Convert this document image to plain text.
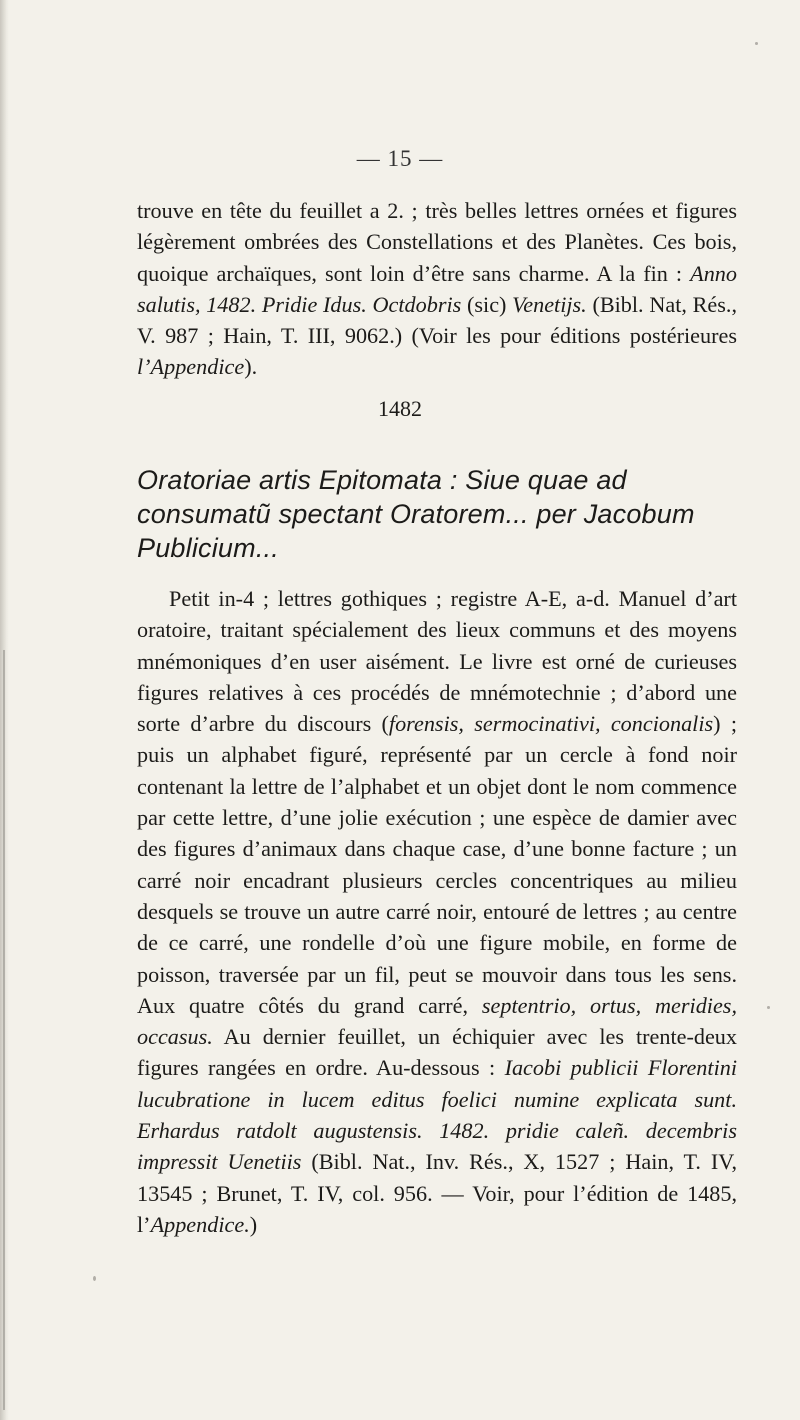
— 15 —

trouve en tête du feuillet a 2. ; très belles lettres ornées et figures légèrement ombrées des Constellations et des Planètes. Ces bois, quoique archaïques, sont loin d’être sans charme. A la fin : Anno salutis, 1482. Pridie Idus. Octdobris (sic) Venetijs. (Bibl. Nat, Rés., V. 987 ; Hain, T. III, 9062.) (Voir les pour éditions postérieures l’Appendice).

1482
Oratoriae artis Epitomata : Siue quae ad consumatũ spectant Oratorem... per Jacobum Publicium...

Petit in-4 ; lettres gothiques ; registre A-E, a-d. Manuel d’art oratoire, traitant spécialement des lieux communs et des moyens mnémoniques d’en user aisément. Le livre est orné de curieuses figures relatives à ces procédés de mnémotechnie ; d’abord une sorte d’arbre du discours (forensis, sermocinativi, concionalis) ; puis un alphabet figuré, représenté par un cercle à fond noir contenant la lettre de l’alphabet et un objet dont le nom commence par cette lettre, d’une jolie exécution ; une espèce de damier avec des figures d’animaux dans chaque case, d’une bonne facture ; un carré noir encadrant plusieurs cercles concentriques au milieu desquels se trouve un autre carré noir, entouré de lettres ; au centre de ce carré, une rondelle d’où une figure mobile, en forme de poisson, traversée par un fil, peut se mouvoir dans tous les sens. Aux quatre côtés du grand carré, septentrio, ortus, meridies, occasus. Au dernier feuillet, un échiquier avec les trente-deux figures rangées en ordre. Au-dessous : Iacobi publicii Florentini lucubratione in lucem editus foelici numine explicata sunt. Erhardus ratdolt augustensis. 1482. pridie caleñ. decembris impressit Uenetiis (Bibl. Nat., Inv. Rés., X, 1527 ; Hain, T. IV, 13545 ; Brunet, T. IV, col. 956. — Voir, pour l’édition de 1485, l’Appendice.)
